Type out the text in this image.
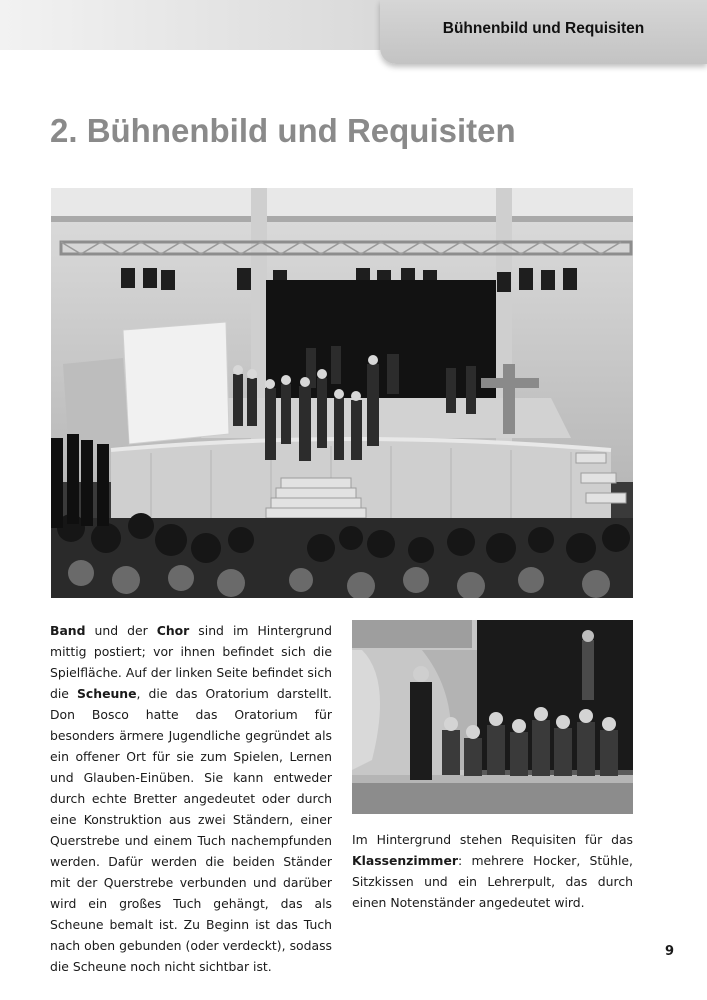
Bühnenbild und Requisiten
2. Bühnenbild und Requisiten

Band und der Chor sind im Hintergrund mittig postiert; vor ihnen befindet sich die Spielfläche. Auf der linken Seite befindet sich die Scheune, die das Oratorium darstellt. Don Bosco hatte das Oratorium für besonders ärmere Jugendliche gegründet als ein offener Ort für sie zum Spielen, Lernen und Glauben-Einüben. Sie kann entweder durch echte Bretter angedeutet oder durch eine Konstruktion aus zwei Ständern, einer Querstrebe und einem Tuch nachempfunden werden. Dafür werden die beiden Ständer mit der Querstrebe verbunden und darüber wird ein großes Tuch gehängt, das als Scheune bemalt ist. Zu Beginn ist das Tuch nach oben gebunden (oder verdeckt), sodass die Scheune noch nicht sichtbar ist.

Im Hintergrund stehen Requisiten für das Klassenzimmer: mehrere Hocker, Stühle, Sitzkissen und ein Lehrerpult, das durch einen Notenständer angedeutet wird.

9
